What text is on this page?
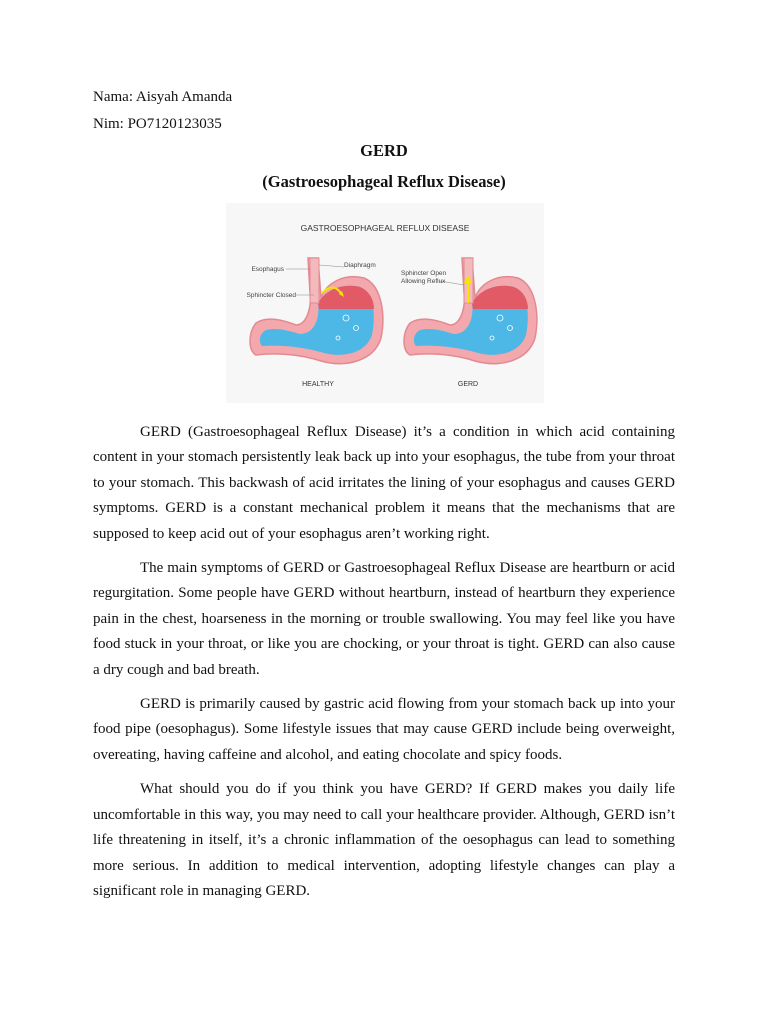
Nama: Aisyah Amanda
Nim: PO7120123035
GERD
(Gastroesophageal Reflux Disease)
GASTROESOPHAGEAL REFLUX DISEASE
Esophagus
Diaphragm
Sphincter Closed
HEALTHY
Sphincter Open
Allowing Reflux
GERD

GERD (Gastroesophageal Reflux Disease) it’s a condition in which acid containing content in your stomach persistently leak back up into your esophagus, the tube from your throat to your stomach. This backwash of acid irritates the lining of your esophagus and causes GERD symptoms. GERD is a constant mechanical problem it means that the mechanisms that are supposed to keep acid out of your esophagus aren’t working right.

The main symptoms of GERD or Gastroesophageal Reflux Disease are heartburn or acid regurgitation. Some people have GERD without heartburn, instead of heartburn they experience pain in the chest, hoarseness in the morning or trouble swallowing. You may feel like you have food stuck in your throat, or like you are chocking, or your throat is tight. GERD can also cause a dry cough and bad breath.

GERD is primarily caused by gastric acid flowing from your stomach back up into your food pipe (oesophagus). Some lifestyle issues that may cause GERD include being overweight, overeating, having caffeine and alcohol, and eating chocolate and spicy foods.

What should you do if you think you have GERD? If GERD makes you daily life uncomfortable in this way, you may need to call your healthcare provider. Although, GERD isn’t life threatening in itself, it’s a chronic inflammation of the oesophagus can lead to something more serious. In addition to medical intervention, adopting lifestyle changes can play a significant role in managing GERD.
